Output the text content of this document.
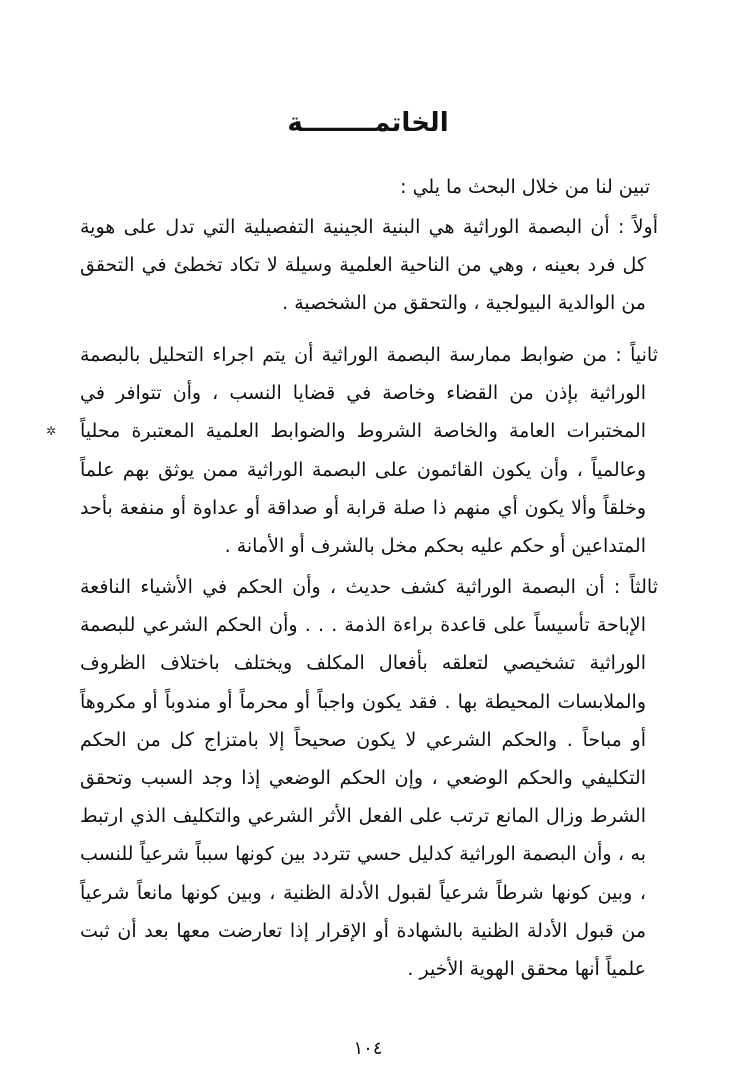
الخاتمــــــــة
تبين لنا من خلال البحث ما يلي :
أولاً : أن البصمة الوراثية هي البنية الجينية التفصيلية التي تدل على هوية
كل فرد بعينه ، وهي من الناحية العلمية وسيلة لا تكاد تخطئ في التحقق من الوالدية البيولجية ، والتحقق من الشخصية .
ثانياً : من ضوابط ممارسة البصمة الوراثية أن يتم اجراء التحليل بالبصمة
الوراثية بإذن من القضاء وخاصة في قضايا النسب ، وأن تتوافر في المختبرات العامة والخاصة الشروط والضوابط العلمية المعتبرة محلياً وعالمياً ، وأن يكون القائمون على البصمة الوراثية ممن يوثق بهم علماً وخلقاً وألا يكون أي منهم ذا صلة قرابة أو صداقة أو عداوة أو منفعة بأحد المتداعين أو حكم عليه بحكم مخل بالشرف أو الأمانة .
✲
ثالثاً : أن البصمة الوراثية كشف حديث ، وأن الحكم في الأشياء النافعة
الإباحة تأسيساً على قاعدة براءة الذمة . . . وأن الحكم الشرعي للبصمة الوراثية تشخيصي لتعلقه بأفعال المكلف ويختلف باختلاف الظروف والملابسات المحيطة بها . فقد يكون واجباً أو محرماً أو مندوباً أو مكروهاً أو مباحاً . والحكم الشرعي لا يكون صحيحاً إلا بامتزاج كل من الحكم التكليفي والحكم الوضعي ، وإن الحكم الوضعي إذا وجد السبب وتحقق الشرط وزال المانع ترتب على الفعل الأثر الشرعي والتكليف الذي ارتبط به ، وأن البصمة الوراثية كدليل حسي تتردد بين كونها سبباً شرعياً للنسب ، وبين كونها شرطاً شرعياً لقبول الأدلة الظنية ، وبين كونها مانعاً شرعياً من قبول الأدلة الظنية بالشهادة أو الإقرار إذا تعارضت معها بعد أن ثبت علمياً أنها محقق الهوية الأخير .
١٠٤
